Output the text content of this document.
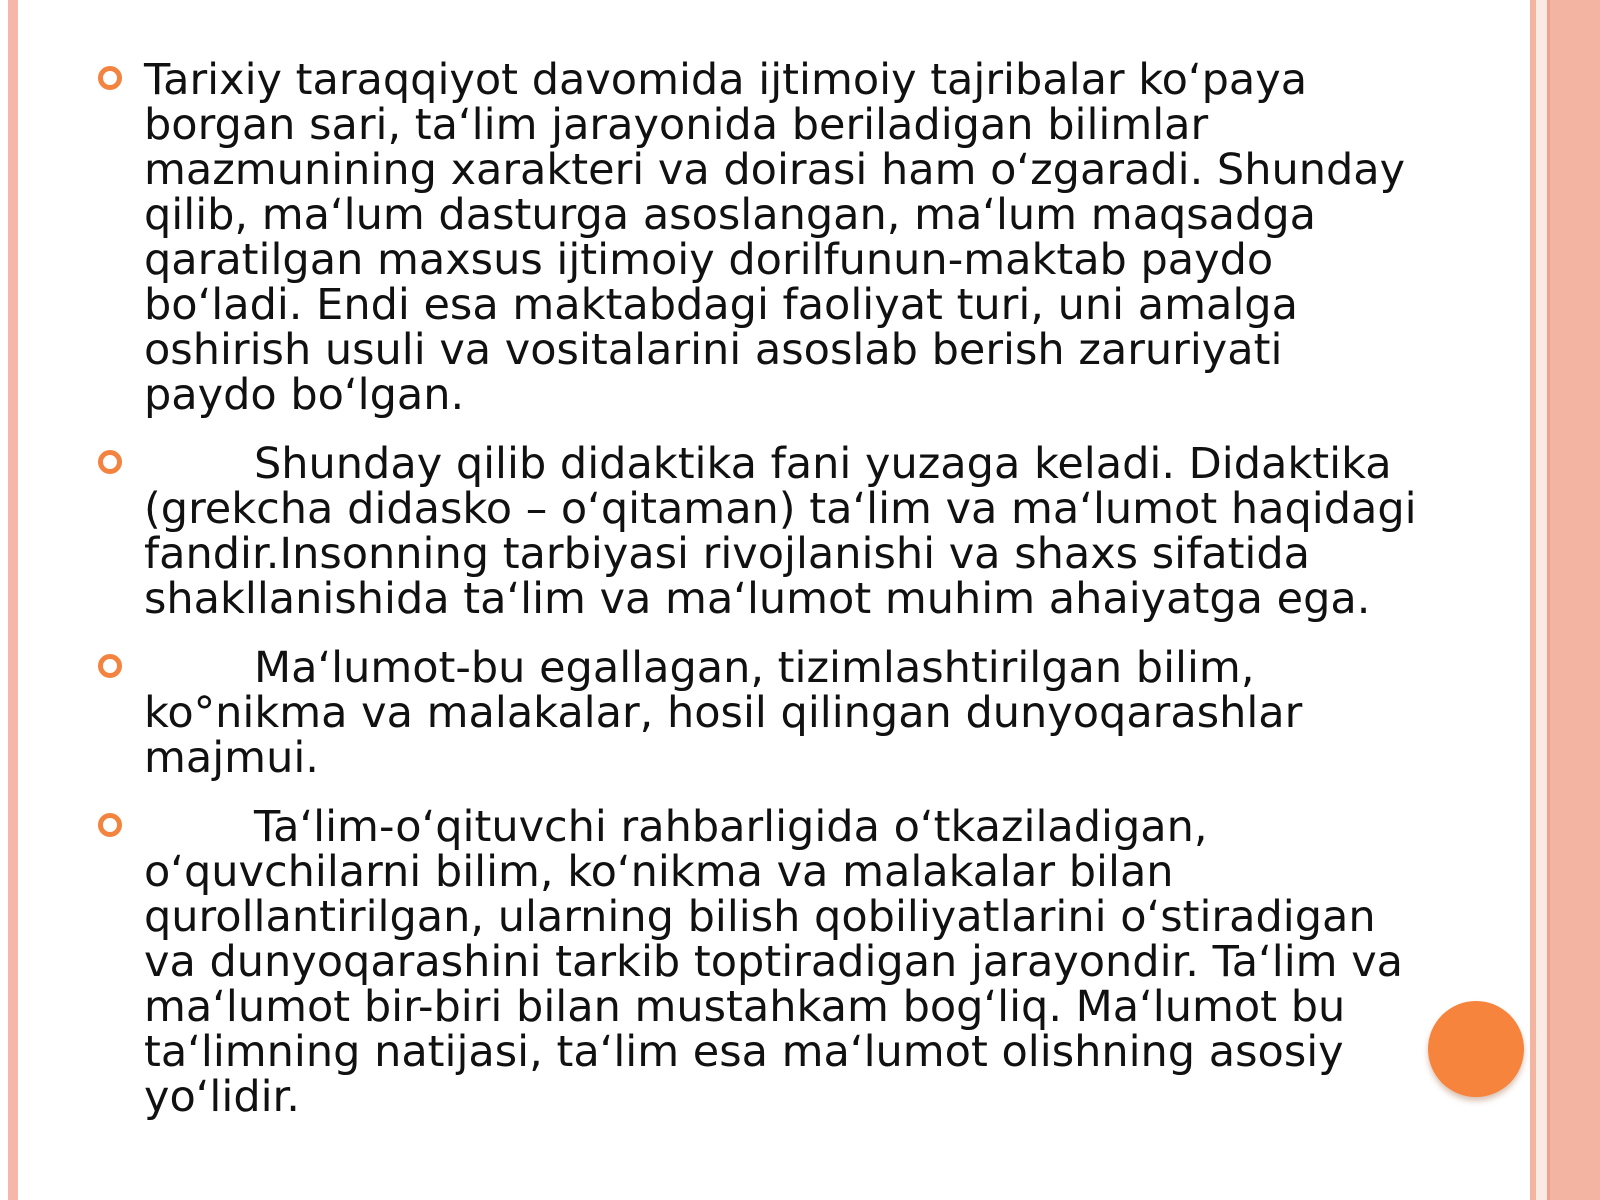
Tarixiy taraqqiyot davomida ijtimoiy tajribalar ko‘paya borgan sari, ta‘lim jarayonida beriladigan bilimlar mazmunining xarakteri va doirasi ham o‘zgaradi. Shunday qilib, ma‘lum dasturga asoslangan, ma‘lum maqsadga qaratilgan maxsus ijtimoiy dorilfunun-maktab paydo bo‘ladi. Endi esa maktabdagi faoliyat turi, uni amalga oshirish usuli va vositalarini asoslab berish zaruriyati paydo bo‘lgan.
Shunday qilib didaktika fani yuzaga keladi. Didaktika (grekcha didasko – o‘qitaman) ta‘lim va ma‘lumot haqidagi fandir.Insonning tarbiyasi rivojlanishi va shaxs sifatida shakllanishida ta‘lim va ma‘lumot muhim ahaiyatga ega.
Ma‘lumot-bu egallagan, tizimlashtirilgan bilim, ko°nikma va malakalar, hosil qilingan dunyoqarashlar majmui.
Ta‘lim-o‘qituvchi rahbarligida o‘tkaziladigan, o‘quvchilarni bilim, ko‘nikma va malakalar bilan qurollantirilgan, ularning bilish qobiliyatlarini o‘stiradigan va dunyoqarashini tarkib toptiradigan jarayondir. Ta‘lim va ma‘lumot bir-biri bilan mustahkam bog‘liq. Ma‘lumot bu ta‘limning natijasi, ta‘lim esa ma‘lumot olishning asosiy yo‘lidir.
